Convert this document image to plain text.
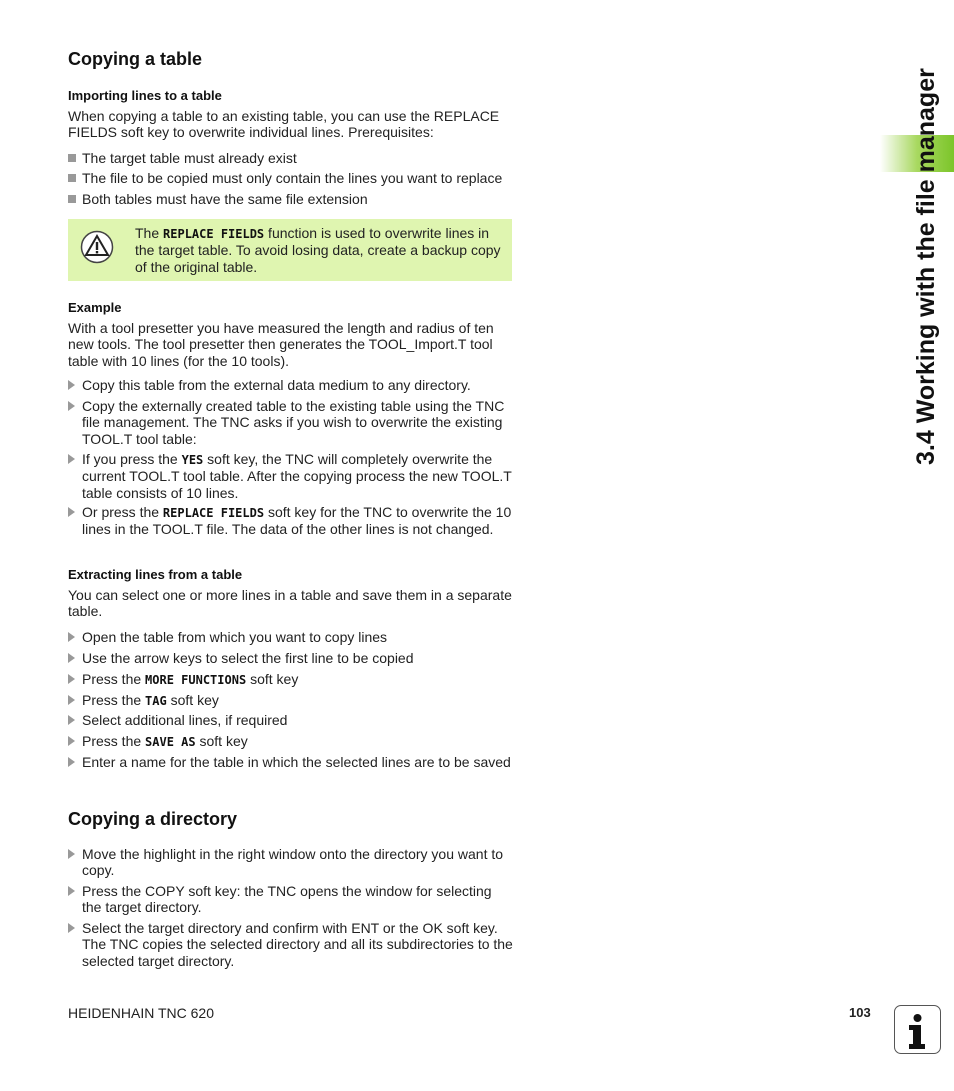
3.4 Working with the file manager
Copying a table
Importing lines to a table
When copying a table to an existing table, you can use the REPLACE FIELDS soft key to overwrite individual lines. Prerequisites:
The target table must already exist
The file to be copied must only contain the lines you want to replace
Both tables must have the same file extension
The REPLACE FIELDS function is used to overwrite lines in the target table. To avoid losing data, create a backup copy of the original table.
Example
With a tool presetter you have measured the length and radius of ten new tools. The tool presetter then generates the TOOL_Import.T tool table with 10 lines (for the 10 tools).
Copy this table from the external data medium to any directory.
Copy the externally created table to the existing table using the TNC file management. The TNC asks if you wish to overwrite the existing TOOL.T tool table:
If you press the YES soft key, the TNC will completely overwrite the current TOOL.T tool table. After the copying process the new TOOL.T table consists of 10 lines.
Or press the REPLACE FIELDS soft key for the TNC to overwrite the 10 lines in the TOOL.T file. The data of the other lines is not changed.
Extracting lines from a table
You can select one or more lines in a table and save them in a separate table.
Open the table from which you want to copy lines
Use the arrow keys to select the first line to be copied
Press the MORE FUNCTIONS soft key
Press the TAG soft key
Select additional lines, if required
Press the SAVE AS soft key
Enter a name for the table in which the selected lines are to be saved
Copying a directory
Move the highlight in the right window onto the directory you want to copy.
Press the COPY soft key: the TNC opens the window for selecting the target directory.
Select the target directory and confirm with ENT or the OK soft key. The TNC copies the selected directory and all its subdirectories to the selected target directory.
HEIDENHAIN TNC 620	103
